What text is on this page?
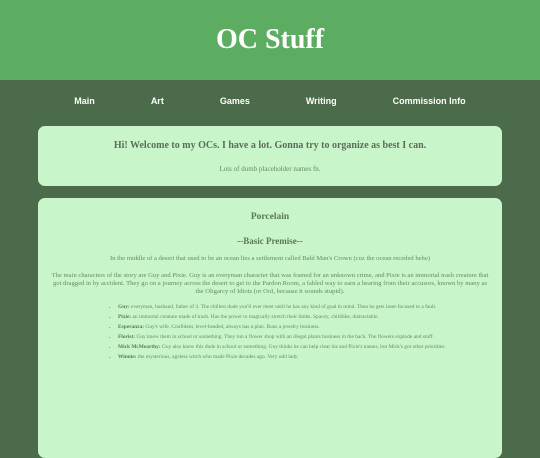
OC Stuff
Main	Art	Games	Writing	Commission Info

Hi! Welcome to my OCs. I have a lot. Gonna try to organize as best I can.

Lots of dumb placeholder names fn.

Porcelain

--Basic Premise--

In the middle of a desert that used to be an ocean lies a settlement called Bald Man's Crown (cuz the ocean receded hehe)

The main characters of the story are Guy and Pixie. Guy is an everyman character that was framed for an unknown crime, and Pixie is an immortal trash creature that got dragged in by accident. They go on a journey across the desert to get to the Pardon Room, a fabled way to earn a hearing from their accusors, known by many as the Oligarcy of Idiots (or OoI, because it sounds stupid).

• Guy: everyman, husband, father of 3. The chillest dude you'll ever meet until he has any kind of goal in mind. Then he gets laser-focused to a fault.
• Pixie: an immortal creature made of trash. Has the power to magically stretch their limbs. Spacey, childlike, distractable.
• Esperanza: Guy's wife. Confident, level-headed, always has a plan. Runs a jewelry business.
• Florist: Guy knew them in school or something. They run a flower shop with an illegal plants business in the back. The flowers explode and stuff.
• Mick McMearthy: Guy also knew this dude in school or something. Guy thinks he can help clear his and Pixie's names, but Mick's got other priorities.
• Winnie: the mysterious, ageless witch who made Pixie decades ago. Very odd lady.
